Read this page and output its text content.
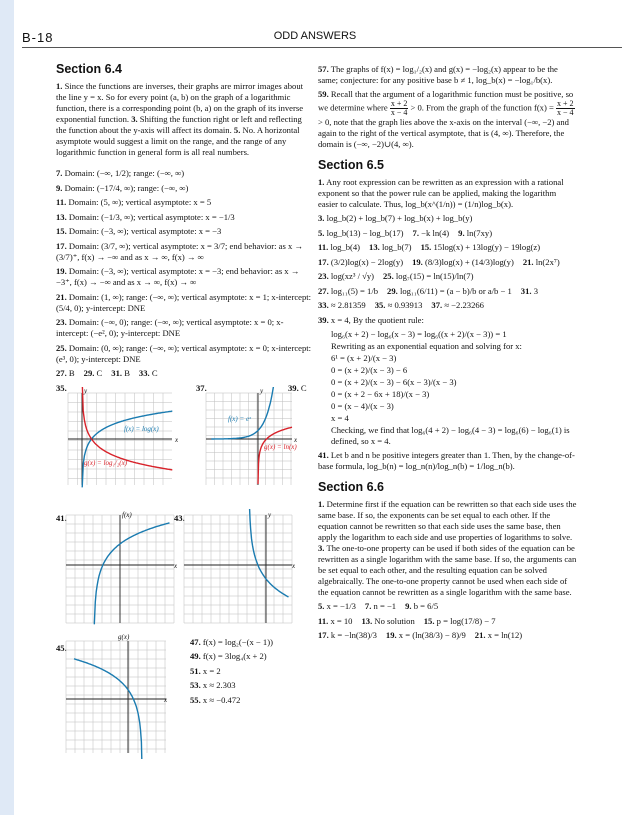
B-18	ODD ANSWERS
Section 6.4
1. Since the functions are inverses, their graphs are mirror images about the line y = x. So for every point (a, b) on the graph of a logarithmic function, there is a corresponding point (b, a) on the graph of its inverse exponential function. 3. Shifting the function right or left and reflecting the function about the y-axis will affect its domain. 5. No. A horizontal asymptote would suggest a limit on the range, and the range of any logarithmic function in general form is all real numbers.
7. Domain: (−∞, 1/2); range: (−∞, ∞)
9. Domain: (−17/4, ∞); range: (−∞, ∞)
11. Domain: (5, ∞); vertical asymptote: x = 5
13. Domain: (−1/3, ∞); vertical asymptote: x = −1/3
15. Domain: (−3, ∞); vertical asymptote: x = −3
17. Domain: (3/7, ∞); vertical asymptote: x = 3/7; end behavior: as x → (3/7)⁺, f(x) → −∞ and as x → ∞, f(x) → ∞
19. Domain: (−3, ∞); vertical asymptote: x = −3; end behavior: as x → −3⁺, f(x) → −∞ and as x → ∞, f(x) → ∞
21. Domain: (1, ∞); range: (−∞, ∞); vertical asymptote: x = 1; x-intercept: (5/4, 0); y-intercept: DNE
23. Domain: (−∞, 0); range: (−∞, ∞); vertical asymptote: x = 0; x-intercept: (−e², 0); y-intercept: DNE
25. Domain: (0, ∞); range: (−∞, ∞); vertical asymptote: x = 0; x-intercept: (e³, 0); y-intercept: DNE
27. B 29. C 31. B 33. C
35.
f(x) = log(x)
g(x) = log₁/₂(x)
x
y	37.
f(x) = eˣ
g(x) = ln(x)
x
y	39. C
41.	f(x)
x
43.	y
x
45.
g(x)
x
47. f(x) = log₂(−(x − 1))
49. f(x) = 3log₄(x + 2)
51. x = 2
53. x ≈ 2.303
55. x ≈ −0.472
57. The graphs of f(x) = log₁/₂(x) and g(x) = −log₂(x) appear to be the same; conjecture: for any positive base b ≠ 1, log_b(x) = −log₁/b(x).
59. Recall that the argument of a logarithmic function must be positive, so we determine where $\frac{x + 2}{x - 4} > 0$. From the graph of the function $f(x) = \frac{x + 2}{x - 4}$
> 0, note that the graph lies above the x-axis on the interval (−∞, −2) and again to the right of the vertical asymptote, that is (4, ∞). Therefore, the domain is (−∞, −2)∪(4, ∞).
Section 6.5
1. Any root expression can be rewritten as an expression with a rational exponent so that the power rule can be applied, making the logarithm easier to calculate. Thus, log_b(x^(1/n)) = (1/n)log_b(x).
3. log_b(2) + log_b(7) + log_b(x) + log_b(y)
5. log_b(13) − log_b(17) 7. −k ln(4) 9. ln(7xy)
11. log_b(4) 13. log_b(7) 15. 15log(x) + 13log(y) − 19log(z)
17. (3/2)log(x) − 2log(y) 19. (8/3)log(x) + (14/3)log(y) 21. ln(2x⁷)
23. log(xz³ / √y) 25. log₇(15) = ln(15)/ln(7)
27. log₁₁(5) = 1/b 29. log₁₁(6/11) = (a − b)/b or a/b − 1 31. 3
33. ≈ 2.81359 35. ≈ 0.93913 37. ≈ −2.23266
39. x = 4, By the quotient rule:
log₆(x + 2) − log₆(x − 3) = log₆((x + 2)/(x − 3)) = 1
Rewriting as an exponential equation and solving for x:
6¹ = (x + 2)/(x − 3)
0 = (x + 2)/(x − 3) − 6
0 = (x + 2)/(x − 3) − 6(x − 3)/(x − 3)
0 = (x + 2 − 6x + 18)/(x − 3)
0 = (x − 4)/(x − 3)
x = 4
Checking, we find that log₆(4 + 2) − log₆(4 − 3) = log₆(6) − log₆(1) is defined, so x = 4.
41. Let b and n be positive integers greater than 1. Then, by the change-of-base formula, log_b(n) = log_n(n)/log_n(b) = 1/log_n(b).
Section 6.6
1. Determine first if the equation can be rewritten so that each side uses the same base. If so, the exponents can be set equal to each other. If the equation cannot be rewritten so that each side uses the same base, then apply the logarithm to each side and use properties of logarithms to solve. 3. The one-to-one property can be used if both sides of the equation can be rewritten as a single logarithm with the same base. If so, the arguments can be set equal to each other, and the resulting equation can be solved algebraically. The one-to-one property cannot be used when each side of the equation cannot be rewritten as a single logarithm with the same base.
5. x = −1/3 7. n = −1 9. b = 6/5
11. x = 10 13. No solution 15. p = log(17/8) − 7
17. k = −ln(38)/3 19. x = (ln(38/3) − 8)/9 21. x = ln(12)
